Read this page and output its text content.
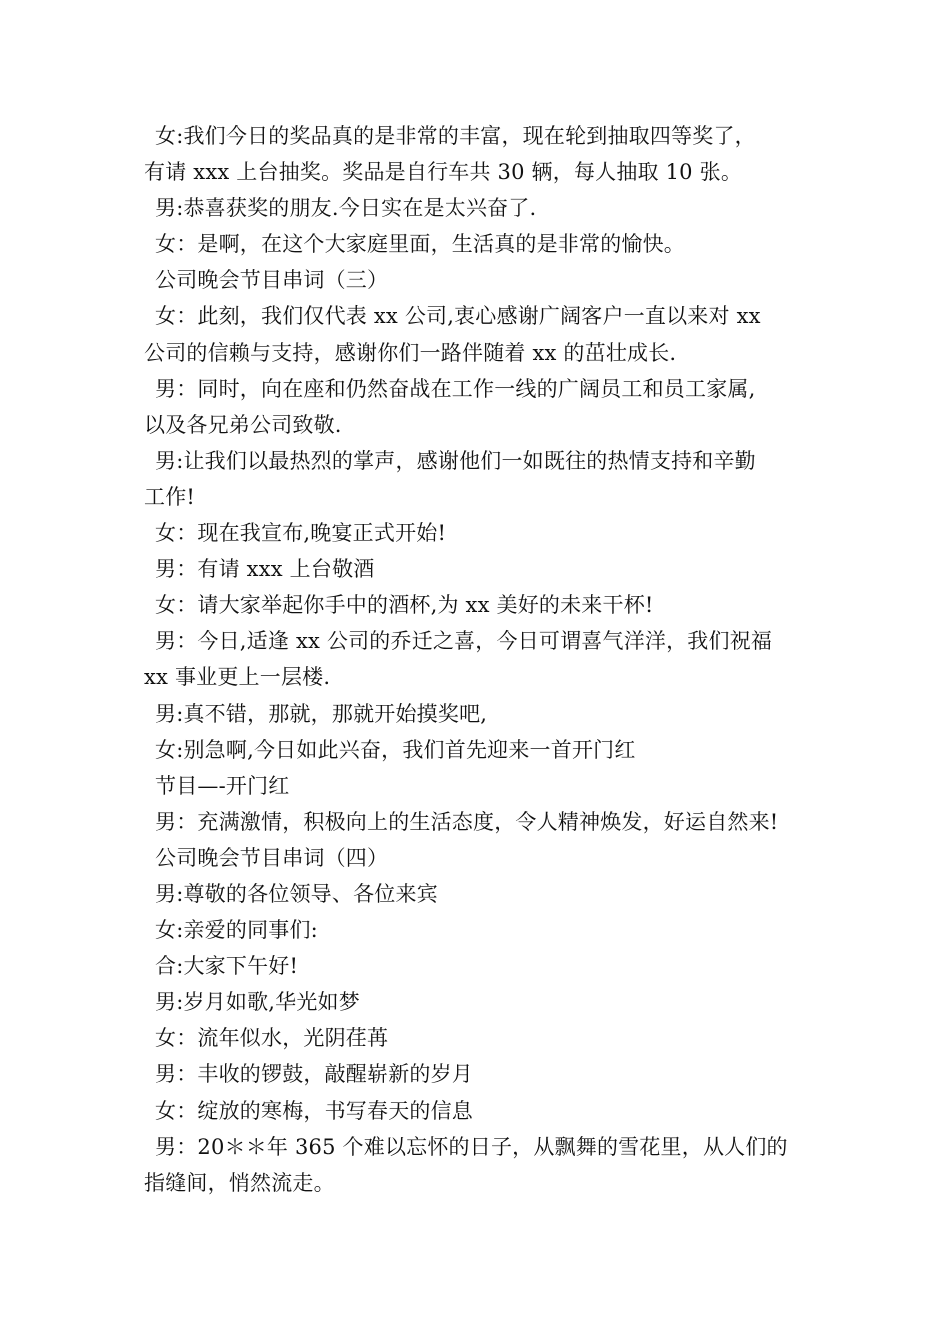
女:我们今日的奖品真的是非常的丰富，现在轮到抽取四等奖了，
有请 xxx 上台抽奖。奖品是自行车共 30 辆，每人抽取 10 张。
男:恭喜获奖的朋友.今日实在是太兴奋了.
女：是啊，在这个大家庭里面，生活真的是非常的愉快。
公司晚会节目串词（三）
女：此刻，我们仅代表 xx 公司,衷心感谢广阔客户一直以来对 xx
公司的信赖与支持，感谢你们一路伴随着 xx 的茁壮成长.
男：同时，向在座和仍然奋战在工作一线的广阔员工和员工家属,
以及各兄弟公司致敬.
男:让我们以最热烈的掌声，感谢他们一如既往的热情支持和辛勤
工作!
女：现在我宣布,晚宴正式开始!
男：有请 xxx 上台敬酒
女：请大家举起你手中的酒杯,为 xx 美好的未来干杯!
男：今日,适逢 xx 公司的乔迁之喜，今日可谓喜气洋洋，我们祝福
xx 事业更上一层楼.
男:真不错，那就，那就开始摸奖吧,
女:别急啊,今日如此兴奋，我们首先迎来一首开门红
节目—-开门红
男：充满激情，积极向上的生活态度，令人精神焕发，好运自然来!
公司晚会节目串词（四）
男:尊敬的各位领导、各位来宾
女:亲爱的同事们:
合:大家下午好!
男:岁月如歌,华光如梦
女：流年似水，光阴荏苒
男：丰收的锣鼓，敲醒崭新的岁月
女：绽放的寒梅，书写春天的信息
男：20＊＊年 365 个难以忘怀的日子，从飘舞的雪花里，从人们的
指缝间，悄然流走。
